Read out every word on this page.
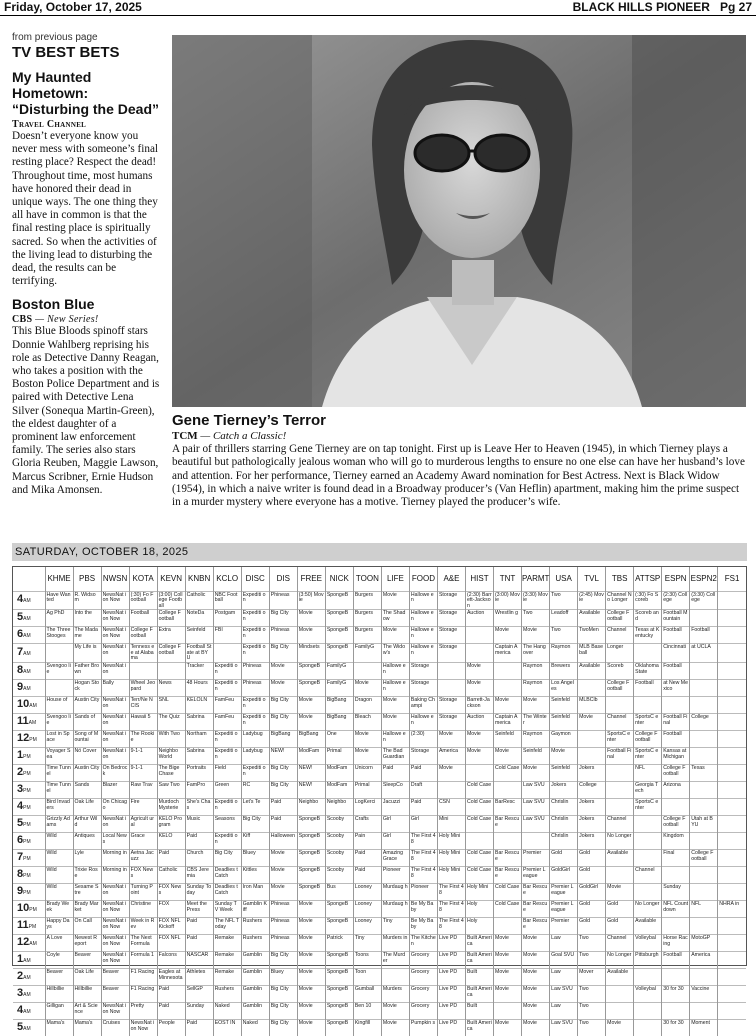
Friday, October 17, 2025	BLACK HILLS PIONEER Pg 27
from previous page
TV BEST BETS
My Haunted Hometown: “Disturbing the Dead”
Travel Channel
Doesn’t everyone know you never mess with someone’s final resting place? Respect the dead! Throughout time, most humans have honored their dead in unique ways. The one thing they all have in common is that the final resting place is spiritually sacred. So when the activities of the living lead to disturbing the dead, the results can be terrifying.
Boston Blue
CBS — New Series!
This Blue Bloods spinoff stars Donnie Wahlberg reprising his role as Detective Danny Reagan, who takes a position with the Boston Police Department and is paired with Detective Lena Silver (Sonequa Martin-Green), the eldest daughter of a prominent law enforcement family. The series also stars Gloria Reuben, Maggie Lawson, Marcus Scribner, Ernie Hudson and Mika Amonsen.
Gene Tierney’s Terror
TCM — Catch a Classic!
A pair of thrillers starring Gene Tierney are on tap tonight. First up is Leave Her to Heaven (1945), in which Tierney plays a beautiful but pathologically jealous woman who will go to murderous lengths to ensure no one else can have her husband’s love and attention. For her performance, Tierney earned an Academy Award nomination for Best Actress. Next is Black Widow (1954), in which a naive writer is found dead in a Broadway producer’s (Van Heflin) apartment, making him the prime suspect in a murder mystery where everyone has a motive. Tierney played the producer’s wife.
SATURDAY, OCTOBER 18, 2025
	KHME	PBS	NWSN	KOTA	KEVN	KNBN	KCLO	DISC	DIS	FREE	NICK	TOON	LIFE	FOOD	A&E	HIST	TNT	PARMT	USA	TVL	TBS	ATTSP	ESPN	ESPN2	FS1
4AM	Have Wanted	R. Widsom	NewsNat ion Now	(:30) Fo Football	(3:00) College Football	Catholic	NBC Football	Expediti on	Phineas	(3:50) Movie	SpongeB	Burgers	Movie	Hallowe en	Storage	(2:30) Barrett-Jackson	(3:00) Movie	(3:30) Movie	Two	(2:45) Movie	Channel No Longer	(:30) Fo Scoreb	(2:30) College	(3:30) College	
5AM	Ag PhD	Into the	NewsNat ion Now	Football	College Football	NoteDa	Postgam	Expediti on	Big City	Movie	SpongeB	Burgers	The Shadow	Hallowe en	Storage	Auction	Wrestlin g	Two	Leadoff	Available	College Football	Scoreb and	Football Mountain		
6AM	The Three Stooges	The Madame	NewsNat ion Now	College Football	Extra	Seinfeld	FBI	Expediti on	Phineas	Movie	SpongeB	Burgers	Movie	Hallowe en	Storage		Movie	Movie	Two	TwoMen	Channel	Texas at Kentucky	Football	Football	
7AM		My Life is	NewsNat ion	Tenness ee at Alabama	College Football	Football State at BYU		Expediti on	Big City	Mindsets	SpongeB	FamilyG	The Widow's	Hallowe en	Storage		Captain America	The Hangover	Raymon	MLB Baseball	Longer		Cincinnati	at UCLA	
8AM	Svengoo lie	Father Brown	NewsNat ion			Tracker	Expediti on	Phineas	Movie	SpongeB	FamilyG		Hallowe en	Storage		Movie		Raymon	Brewers	Available	Scoreb	Oklahoma State	Football		
9AM		Hogan Stock	Bally	Wheel Jeopard	News	48 Hours	Expediti on	Phineas	Movie	SpongeB	FamilyG	Movie	Hallowe en	Storage		Movie		Raymon	Los Angeles		College Football	Football	at New Mexico		
10AM	House of	Austin City	NewsNat ion	Terr/Ne NCIS	SNL	KELOLN	FamFeu	Expediti on	Big City	Movie	BigBang	Dragon	Movie	Baking Champi	Storage	Barrett-Jackson	Movie	Movie	Seinfeld	MLBClb					
11AM	Svengoo lie	Sands of	NewsNat ion	Hawaii 5	The Quiz	Sabrina	FamFeu	Expediti on	Big City	Movie	BigBang	Bleach	Movie	Hallowe en	Storage	Auction	Captain America	The Winter	Seinfeld	Movie	Channel	SportsC enter	Football Final	College	
12PM	Lost in Space	Song of Mountai	NewsNat ion	The Rookie	With Two	Northam	Expediti on	Ladybug	BigBang	BigBang	One	Movie	Hallowe en	(2:30)	Movie	Movie	Seinfeld	Raymon	Gaymon		SportsC enter	College Football	Football		
1PM	Voyager Sea	Nö Cover	NewsNat ion	9-1-1	Neighbo World	Sabrina	Expediti on	Ladybug	NEW!	ModFam	Primal	Movie	The Bad Guardian	Storage	America	Movie	Movie	Seinfeld	Movie		Football Final	SportsC enter	Kansas at Michigan		
2PM	Time Tunnel	Austin City	On Bedrock	9-1-1	The Bige Chase	Portraits	Field	Expediti on	Big City	NEW!	ModFam	Unicorn	Paid	Paid	Movie		Cold Case	Movie	Seinfeld	Jokers		NFL	College Football	Texas	
3PM	Time Tunnel	Sands	Blazer	Raw Trav	Saw Two	FamPro	Green	RC	Big City	NEW!	ModFam	Primal	SleepCo	Draft		Cold Case		Law SVU	Jokers	College		Georgia Tech	Arizona		
4PM	Bird Invaders	Oak Life	On Chicago	Fire	Murdoch Mysterie	She's Chas	Expediti on	Let's Te	Paid	Neighbo	Neighbo	LogKerci	Jacuzzi	Paid	CSN	Cold Case	BarResc	Law SVU	Chrislin	Jokers		SportsC enter			
5PM	Grizzly Adams	Arthur Wild	NewsNat ion	Agricult ural	KELO Program	Music	Seasons	Big City	Paid	SpongeB	Scooby	Crafts	Girl	Girl	Mini	Cold Case	Bar Rescue	Law SVU	Chrislin	Jokers	Channel		College Football	Utah at BYU	
6PM	Wild	Antiques	Local News	Grace	KELO	Paid	Expediti on	Kiff	Halloween	SpongeB	Scooby	Pain	Girl	The First 48	Holy Mini				Chrislin	Jokers	No Longer		Kingdom		
7PM	Wild	Lyle	Morning in	Aetna Jacuzz	Paid	Church	Big City	Bluey	Movie	SpongeB	Scooby	Paid	Amazing Grace	The First 48	Holy Mini	Cold Case	Bar Rescue	Premier	Gold	Gold	Available		Final	College Football	
8PM	Wild	Trixie Rose	Morning in	FOX News	Catholic	CBS Jeremia	Deadlies t Catch	Kittles	Movie	SpongeB	Scooby	Paid	Pioneer	The First 48	Holy Mini	Cold Case	Bar Rescue	Premier League	GoldGirl	Gold		Channel			
9PM	Wild	Sesame Stre	NewsNat ion	Turning Point	FOX News	Sunday Today	Deadlies t Catch	Iron Man	Movie	SpongeB	Bus	Looney	Murdaug h	Pioneer	The First 48	Holy Mini	Cold Case	Bar Rescue	Premier League	GoldGirl	Movie		Sunday		
10PM	Brady Week	Brady Market	NewsNat ion Now	Christine	FOX	Meet the Press	Sunday TV Week	Gamblin Kiff	Phineas	Movie	SpongeB	Looney	Murdaug h	Be My Baby	The First 48	Holy	Cold Case	Bar Rescue	Premier League	Gold	Gold	No Longer	NFL Countdown	NFL	NHRA in
11PM	Happy Days	On Call	NewsNat ion Now	Week in Rev	FOX NFL Kickoff	Paid	The NFL Today	Rushers	Phineas	Movie	SpongeB	Looney	Tiny	Be My Baby	The First 48	Holy		Bar Rescue	Premier	Gold	Gold	Available			
12AM	A Love	Newest Report	NewsNat ion Now	The Next Formula	FOX NFL	Paid	Remake	Rushers	Phineas	Movie	Patrick	Tiny	Murders in	The Kitchen	Live PD	Built America	Movie	Movie	Law	Two	Channel	Volleybal	Horse Racing	MotoGP	
1AM	Coyle	Beaver	NewsNat ion Now	Formula 1	Falcons	NASCAR	Remake	Gamblin	Big City	Movie	SpongeB	Toons	The Murder	Grocery	Live PD	Built America	Movie	Movie	Goal SVU	Two	No Longer	Pittsburgh	Football	America	
2AM	Beaver	Oak Life	Beaver	F1 Racing	Eagles at Minnesota	Athletes	Remake	Gamblin	Bluey	Movie	SpongeB	Toon		Grocery	Live PD	Built	Movie	Movie	Law	Mover	Available				
3AM	Hillbillie	Hillbillie	Beaver	F1 Racing	Paid	SellGP	Rushers	Gamblin	Big City	Movie	SpongeB	Gumball	Murders	Grocery	Live PD	Built America	Movie	Movie	Law SVU	Two		Volleybal	30 for 30	Vaccine	
4AM	Gilligan	Art & Science	NewsNat ion Now	Pretty	Paid	Sunday	Naked	Gamblin	Big City	Movie	SpongeB	Ben 10	Movie	Grocery	Live PD	Built		Movie	Law	Two					
5AM	Mama's	Mama's	Cruises	NewsNat ion Now	People	Paid	EOST IN	Naked	Big City	Movie	SpongeB	Kingfill	Movie	Pumpkin s	Live PD	Built America	Movie	Movie	Law SVU	Two	Movie		30 for 30	Moment	
